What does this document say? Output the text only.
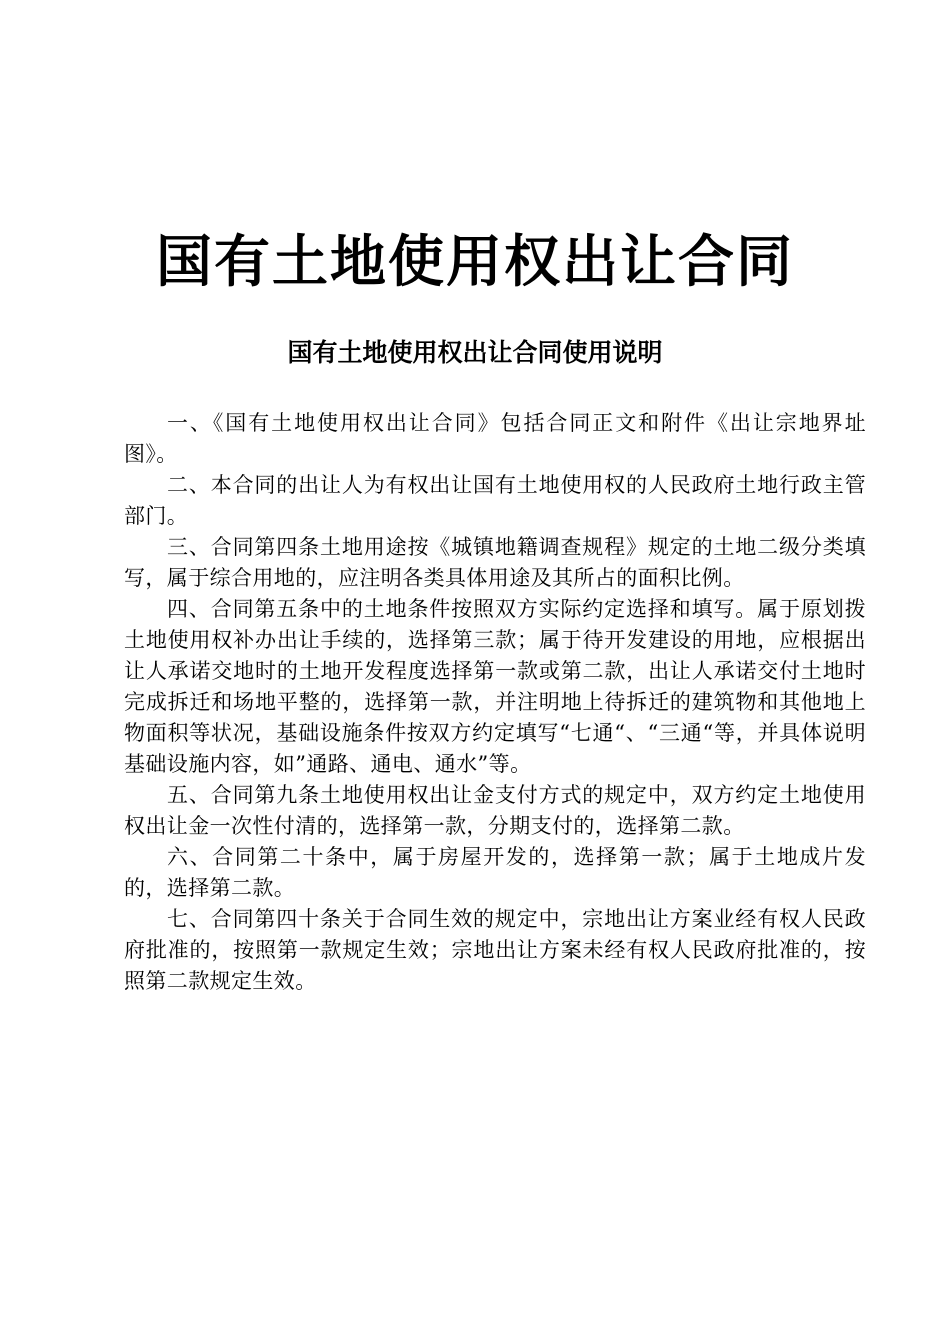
国有土地使用权出让合同
国有土地使用权出让合同使用说明

一、《国有土地使用权出让合同》包括合同正文和附件《出让宗地界址图》。

二、本合同的出让人为有权出让国有土地使用权的人民政府土地行政主管部门。

三、合同第四条土地用途按《城镇地籍调查规程》规定的土地二级分类填写，属于综合用地的，应注明各类具体用途及其所占的面积比例。

四、合同第五条中的土地条件按照双方实际约定选择和填写。属于原划拨土地使用权补办出让手续的，选择第三款；属于待开发建设的用地，应根据出让人承诺交地时的土地开发程度选择第一款或第二款，出让人承诺交付土地时完成拆迁和场地平整的，选择第一款，并注明地上待拆迁的建筑物和其他地上物面积等状况，基础设施条件按双方约定填写“七通“、“三通“等，并具体说明基础设施内容，如”通路、通电、通水”等。

五、合同第九条土地使用权出让金支付方式的规定中，双方约定土地使用权出让金一次性付清的，选择第一款，分期支付的，选择第二款。

六、合同第二十条中，属于房屋开发的，选择第一款；属于土地成片发的，选择第二款。

七、合同第四十条关于合同生效的规定中，宗地出让方案业经有权人民政府批准的，按照第一款规定生效；宗地出让方案未经有权人民政府批准的，按照第二款规定生效。
